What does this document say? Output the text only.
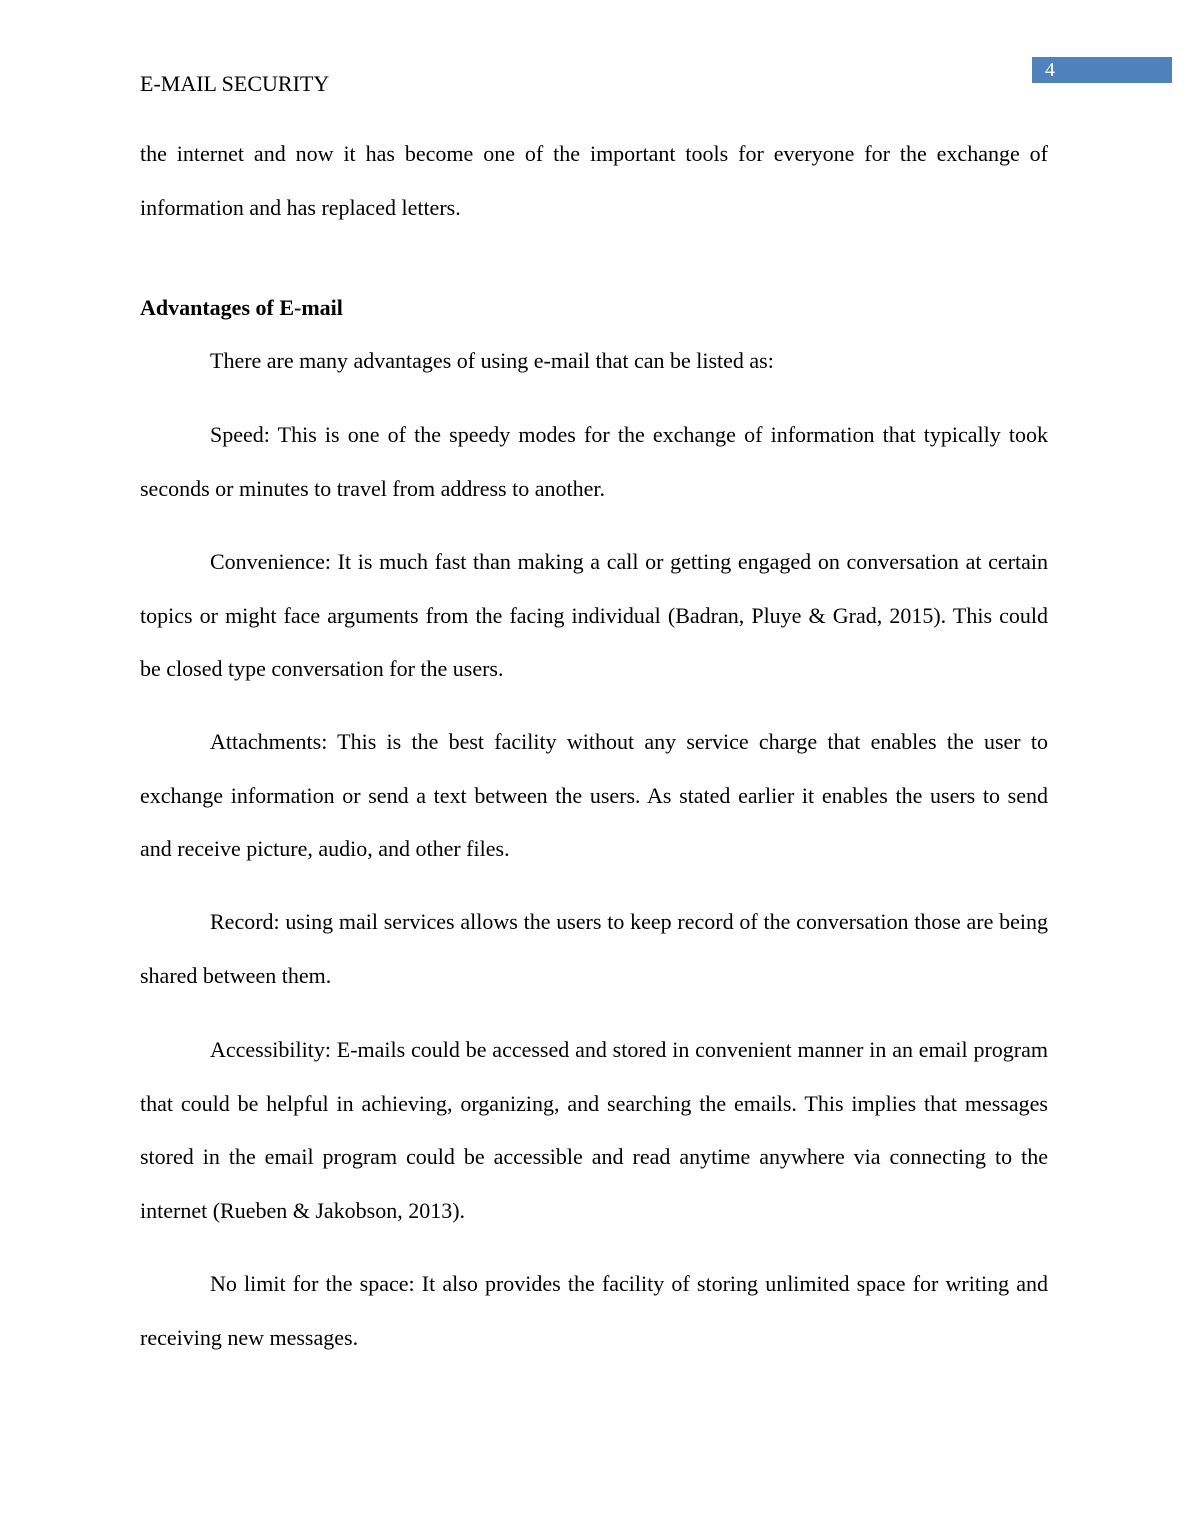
4
E-MAIL SECURITY

the internet and now it has become one of the important tools for everyone for the exchange of information and has replaced letters.

Advantages of E-mail

There are many advantages of using e-mail that can be listed as:

Speed: This is one of the speedy modes for the exchange of information that typically took seconds or minutes to travel from address to another.

Convenience: It is much fast than making a call or getting engaged on conversation at certain topics or might face arguments from the facing individual (Badran, Pluye & Grad, 2015). This could be closed type conversation for the users.

Attachments: This is the best facility without any service charge that enables the user to exchange information or send a text between the users. As stated earlier it enables the users to send and receive picture, audio, and other files.

Record: using mail services allows the users to keep record of the conversation those are being shared between them.

Accessibility: E-mails could be accessed and stored in convenient manner in an email program that could be helpful in achieving, organizing, and searching the emails. This implies that messages stored in the email program could be accessible and read anytime anywhere via connecting to the internet (Rueben & Jakobson, 2013).

No limit for the space: It also provides the facility of storing unlimited space for writing and receiving new messages.
